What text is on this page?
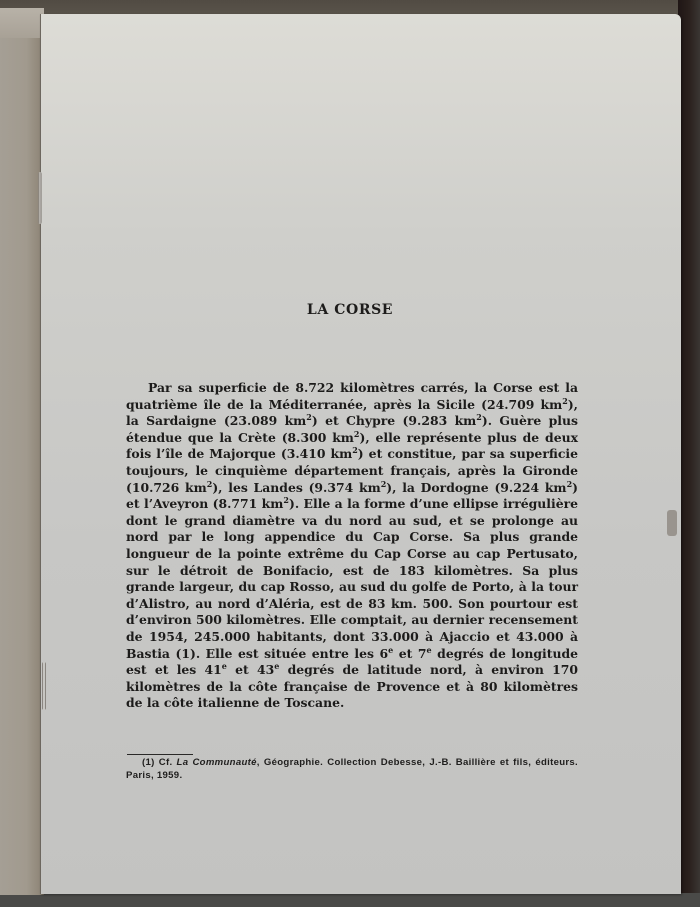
LA CORSE

Par sa superficie de 8.722 kilomètres carrés, la Corse est la quatrième île de la Méditerranée, après la Sicile (24.709 $km^2$), la Sardaigne (23.089 $km^2$) et Chypre (9.283 $km^2$). Guère plus étendue que la Crète (8.300 $km^2$), elle représente plus de deux fois l’île de Majorque (3.410 $km^2$) et constitue, par sa superficie toujours, le cinquième département français, après la Gironde (10.726 $km^2$), les Landes (9.374 $km^2$), la Dordogne (9.224 $km^2$) et l’Aveyron (8.771 $km^2$). Elle a la forme d’une ellipse irrégulière dont le grand diamètre va du nord au sud, et se prolonge au nord par le long appendice du Cap Corse. Sa plus grande longueur de la pointe extrême du Cap Corse au cap Pertusato, sur le détroit de Bonifacio, est de 183 kilomètres. Sa plus grande largeur, du cap Rosso, au sud du golfe de Porto, à la tour d’Alistro, au nord d’Aléria, est de 83 km. 500. Son pourtour est d’environ 500 kilomètres. Elle comptait, au dernier recensement de 1954, 245.000 habitants, dont 33.000 à Ajaccio et 43.000 à Bastia (1). Elle est située entre les 6e et 7e degrés de longitude est et les 41e et 43e degrés de latitude nord, à environ 170 kilomètres de la côte française de Provence et à 80 kilomètres de la côte italienne de Toscane.

(1) Cf. La Communauté, Géographie. Collection Debesse, J.-B. Baillière et fils, éditeurs. Paris, 1959.
